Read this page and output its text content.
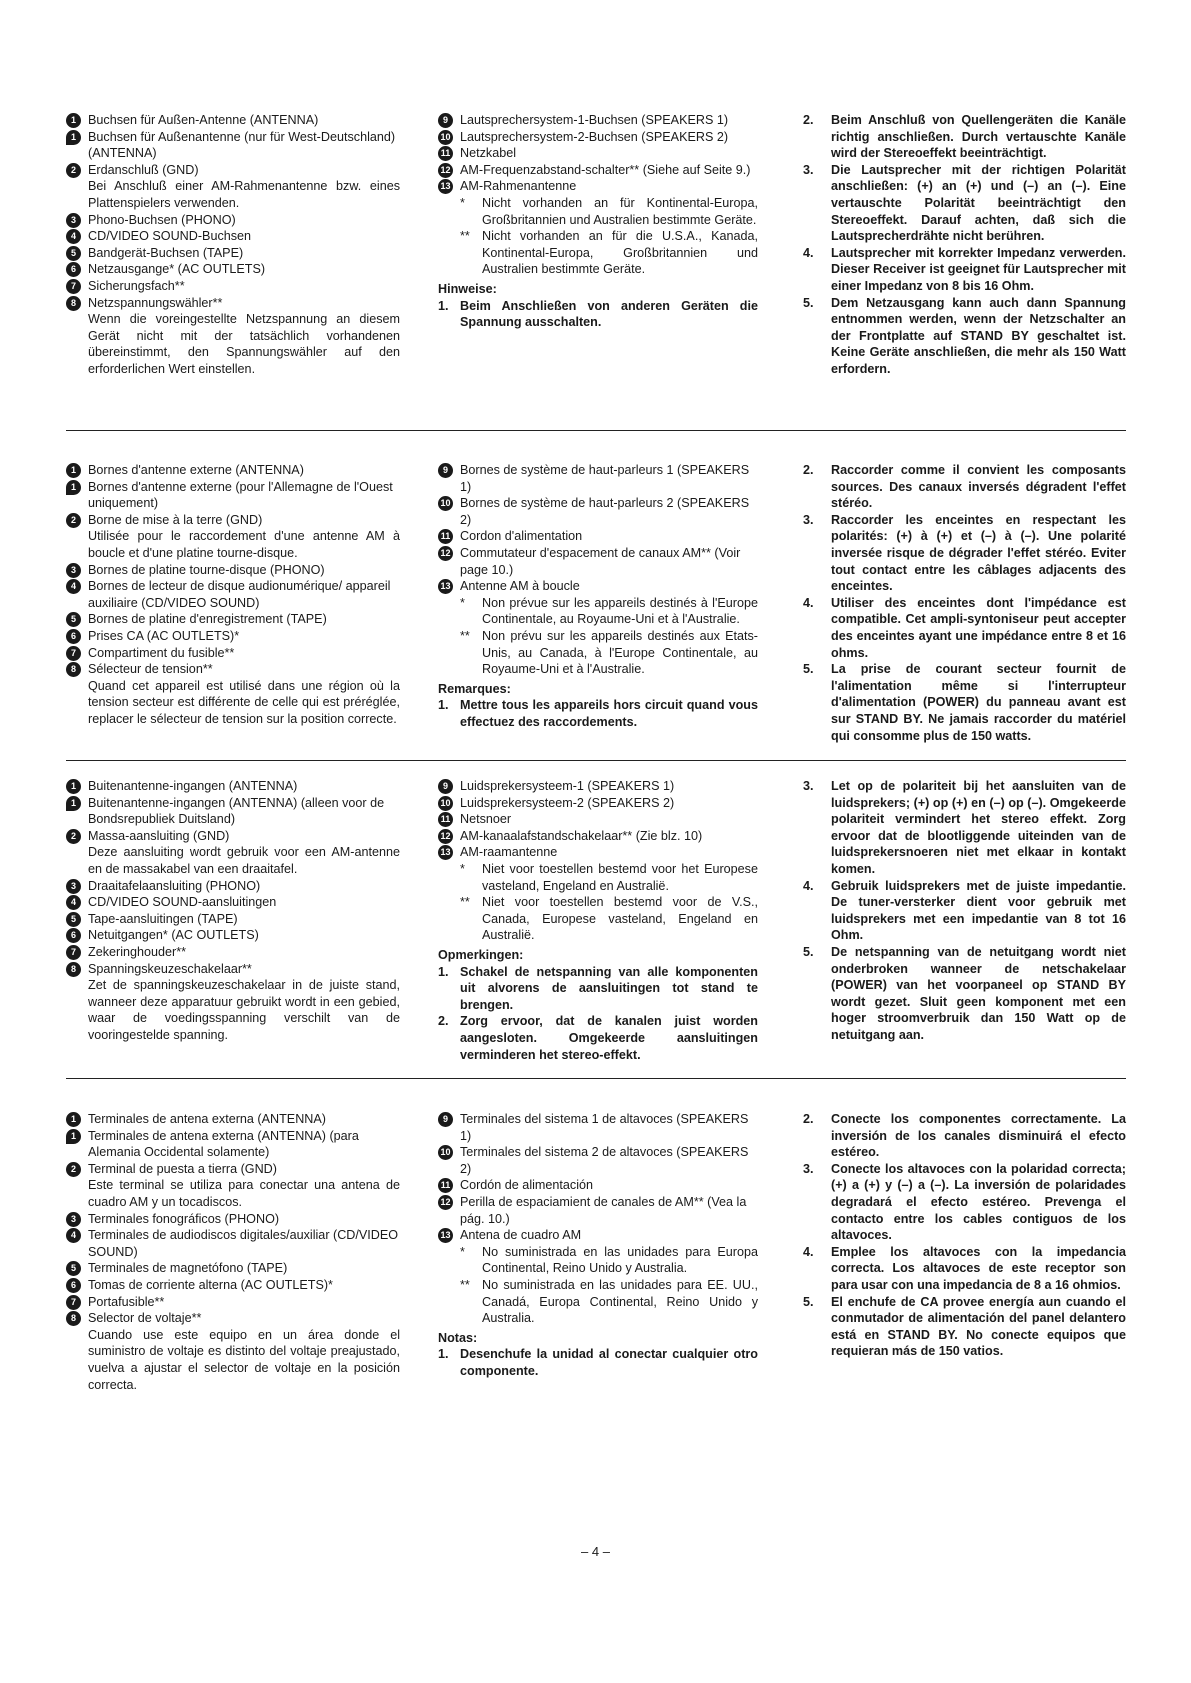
1 Buchsen für Außen-Antenne (ANTENNA)
1 Buchsen für Außenantenne (nur für West-Deutschland)(ANTENNA)
2 Erdanschluß (GND)
Bei Anschluß einer AM-Rahmenantenne bzw. eines Plattenspielers verwenden.
3 Phono-Buchsen (PHONO)
4 CD/VIDEO SOUND-Buchsen
5 Bandgerät-Buchsen (TAPE)
6 Netzausgange* (AC OUTLETS)
7 Sicherungsfach**
8 Netzspannungswähler**
Wenn die voreingestellte Netzspannung an diesem Gerät nicht mit der tatsächlich vorhandenen übereinstimmt, den Spannungswähler auf den erforderlichen Wert einstellen.
9 Lautsprechersystem-1-Buchsen (SPEAKERS 1)
10 Lautsprechersystem-2-Buchsen (SPEAKERS 2)
11 Netzkabel
12 AM-Frequenzabstand-schalter** (Siehe auf Seite 9.)
13 AM-Rahmenantenne
* Nicht vorhanden an für Kontinental-Europa, Großbritannien und Australien bestimmte Geräte.
** Nicht vorhanden an für die U.S.A., Kanada, Kontinental-Europa, Großbritannien und Australien bestimmte Geräte.
Hinweise:
1. Beim Anschließen von anderen Geräten die Spannung ausschalten.
2. Beim Anschluß von Quellengeräten die Kanäle richtig anschließen. Durch vertauschte Kanäle wird der Stereoeffekt beeinträchtigt.
3. Die Lautsprecher mit der richtigen Polarität anschließen: (+) an (+) und (–) an (–). Eine vertauschte Polarität beeinträchtigt den Stereoeffekt. Darauf achten, daß sich die Lautsprecherdrähte nicht berühren.
4. Lautsprecher mit korrekter Impedanz verwerden. Dieser Receiver ist geeignet für Lautsprecher mit einer Impedanz von 8 bis 16 Ohm.
5. Dem Netzausgang kann auch dann Spannung entnommen werden, wenn der Netzschalter an der Frontplatte auf STAND BY geschaltet ist. Keine Geräte anschließen, die mehr als 150 Watt erfordern.
1 Bornes d'antenne externe (ANTENNA)
1 Bornes d'antenne externe (pour l'Allemagne de l'Ouest uniquement)
2 Borne de mise à la terre (GND)
Utilisée pour le raccordement d'une antenne AM à boucle et d'une platine tourne-disque.
3 Bornes de platine tourne-disque (PHONO)
4 Bornes de lecteur de disque audionumérique/ appareil auxiliaire (CD/VIDEO SOUND)
5 Bornes de platine d'enregistrement (TAPE)
6 Prises CA (AC OUTLETS)*
7 Compartiment du fusible**
8 Sélecteur de tension**
Quand cet appareil est utilisé dans une région où la tension secteur est différente de celle qui est préréglée, replacer le sélecteur de tension sur la position correcte.
9 Bornes de système de haut-parleurs 1 (SPEAKERS 1)
10 Bornes de système de haut-parleurs 2 (SPEAKERS 2)
11 Cordon d'alimentation
12 Commutateur d'espacement de canaux AM** (Voir page 10.)
13 Antenne AM à boucle
* Non prévue sur les appareils destinés à l'Europe Continentale, au Royaume-Uni et à l'Australie.
** Non prévu sur les appareils destinés aux Etats-Unis, au Canada, à l'Europe Continentale, au Royaume-Uni et à l'Australie.
Remarques:
1. Mettre tous les appareils hors circuit quand vous effectuez des raccordements.
2. Raccorder comme il convient les composants sources. Des canaux inversés dégradent l'effet stéréo.
3. Raccorder les enceintes en respectant les polarités: (+) à (+) et (–) à (–). Une polarité inversée risque de dégrader l'effet stéréo. Eviter tout contact entre les câblages adjacents des enceintes.
4. Utiliser des enceintes dont l'impédance est compatible. Cet ampli-syntoniseur peut accepter des enceintes ayant une impédance entre 8 et 16 ohms.
5. La prise de courant secteur fournit de l'alimentation même si l'interrupteur d'alimentation (POWER) du panneau avant est sur STAND BY. Ne jamais raccorder du matériel qui consomme plus de 150 watts.
1 Buitenantenne-ingangen (ANTENNA)
1 Buitenantenne-ingangen (ANTENNA) (alleen voor de Bondsrepubliek Duitsland)
2 Massa-aansluiting (GND)
Deze aansluiting wordt gebruik voor een AM-antenne en de massakabel van een draaitafel.
3 Draaitafelaansluiting (PHONO)
4 CD/VIDEO SOUND-aansluitingen
5 Tape-aansluitingen (TAPE)
6 Netuitgangen* (AC OUTLETS)
7 Zekeringhouder**
8 Spanningskeuzeschakelaar**
Zet de spanningskeuzeschakelaar in de juiste stand, wanneer deze apparatuur gebruikt wordt in een gebied, waar de voedingsspanning verschilt van de vooringestelde spanning.
9 Luidsprekersysteem-1 (SPEAKERS 1)
10 Luidsprekersysteem-2 (SPEAKERS 2)
11 Netsnoer
12 AM-kanaalafstandschakelaar** (Zie blz. 10)
13 AM-raamantenne
* Niet voor toestellen bestemd voor het Europese vasteland, Engeland en Australië.
** Niet voor toestellen bestemd voor de V.S., Canada, Europese vasteland, Engeland en Australië.
Opmerkingen:
1. Schakel de netspanning van alle komponenten uit alvorens de aansluitingen tot stand te brengen.
2. Zorg ervoor, dat de kanalen juist worden aangesloten. Omgekeerde aansluitingen verminderen het stereo-effekt.
3. Let op de polariteit bij het aansluiten van de luidsprekers; (+) op (+) en (–) op (–). Omgekeerde polariteit vermindert het stereo effekt. Zorg ervoor dat de blootliggende uiteinden van de luidsprekersnoeren niet met elkaar in kontakt komen.
4. Gebruik luidsprekers met de juiste impedantie. De tuner-versterker dient voor gebruik met luidsprekers met een impedantie van 8 tot 16 Ohm.
5. De netspanning van de netuitgang wordt niet onderbroken wanneer de netschakelaar (POWER) van het voorpaneel op STAND BY wordt gezet. Sluit geen komponent met een hoger stroomverbruik dan 150 Watt op de netuitgang aan.
1 Terminales de antena externa (ANTENNA)
1 Terminales de antena externa (ANTENNA) (para Alemania Occidental solamente)
2 Terminal de puesta a tierra (GND)
Este terminal se utiliza para conectar una antena de cuadro AM y un tocadiscos.
3 Terminales fonográficos (PHONO)
4 Terminales de audiodiscos digitales/auxiliar (CD/VIDEO SOUND)
5 Terminales de magnetófono (TAPE)
6 Tomas de corriente alterna (AC OUTLETS)*
7 Portafusible**
8 Selector de voltaje**
Cuando use este equipo en un área donde el suministro de voltaje es distinto del voltaje preajustado, vuelva a ajustar el selector de voltaje en la posición correcta.
9 Terminales del sistema 1 de altavoces (SPEAKERS 1)
10 Terminales del sistema 2 de altavoces (SPEAKERS 2)
11 Cordón de alimentación
12 Perilla de espaciamient de canales de AM** (Vea la pág. 10.)
13 Antena de cuadro AM
* No suministrada en las unidades para Europa Continental, Reino Unido y Australia.
** No suministrada en las unidades para EE. UU., Canadá, Europa Continental, Reino Unido y Australia.
Notas:
1. Desenchufe la unidad al conectar cualquier otro componente.
2. Conecte los componentes correctamente. La inversión de los canales disminuirá el efecto estéreo.
3. Conecte los altavoces con la polaridad correcta; (+) a (+) y (–) a (–). La inversión de polaridades degradará el efecto estéreo. Prevenga el contacto entre los cables contiguos de los altavoces.
4. Emplee los altavoces con la impedancia correcta. Los altavoces de este receptor son para usar con una impedancia de 8 a 16 ohmios.
5. El enchufe de CA provee energía aun cuando el conmutador de alimentación del panel delantero está en STAND BY. No conecte equipos que requieran más de 150 vatios.
– 4 –
